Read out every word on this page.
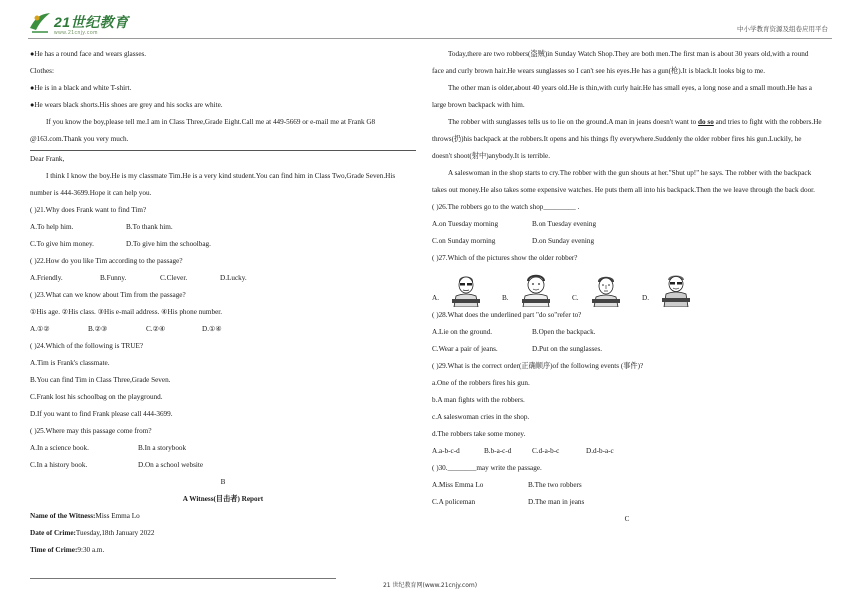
21世纪教育
www.21cnjy.com	中小学教育资源及组卷应用平台

●He has a round face and wears glasses.

Clothes:

●He is in a black and white T-shirt.

●He wears black shorts.His shoes are grey and his socks are white.

If you know the boy,please tell me.I am in Class Three,Grade Eight.Call me at 449-5669 or e-mail me at Frank G8

@163.com.Thank you very much.

Dear Frank,

I think I know the boy.He is my classmate Tim.He is a very kind student.You can find him in Class Two,Grade Seven.His

number is 444-3699.Hope it can help you.

( )21.Why does Frank want to find Tim?

A.To help him.	B.To thank him.
C.To give him money.	D.To give him the schoolbag.

( )22.How do you like Tim according to the passage?

A.Friendly.	B.Funny.	C.Clever.	D.Lucky.

( )23.What can we know about Tim from the passage?

①His age. ②His class. ③His e-mail address. ④His phone number.

A.①②	B.②③	C.②④	D.①④

( )24.Which of the following is TRUE?

A.Tim is Frank's classmate.

B.You can find Tim in Class Three,Grade Seven.

C.Frank lost his schoolbag on the playground.

D.If you want to find Frank please call 444-3699.

( )25.Where may this passage come from?

A.In a science book.	B.In a storybook
C.In a history book.	D.On a school website

B

A Witness(目击者) Report

Name of the Witness:Miss Emma Lo

Date of Crime:Tuesday,18th January 2022

Time of Crime:9:30 a.m.

Today,there are two robbers(盗贼)in Sunday Watch Shop.They are both men.The first man is about 30 years old,with a round face and curly brown hair.He wears sunglasses so I can't see his eyes.He has a gun(枪).It is black.It looks big to me.

The other man is older,about 40 years old.He is thin,with curly hair.He has small eyes, a long nose and a small mouth.He has a large brown backpack with him.

The robber with sunglasses tells us to lie on the ground.A man in jeans doesn't want to do so and tries to fight with the robbers.He throws(扔)his backpack at the robbers.It opens and his things fly everywhere.Suddenly the older robber fires his gun.Luckily, he doesn't shoot(射中)anybody.It is terrible.

A saleswoman in the shop starts to cry.The robber with the gun shouts at her."Shut up!" he says. The robber with the backpack takes out money.He also takes some expensive watches. He puts them all into his backpack.Then the we leave through the back door.

( )26.The robbers go to the watch shop_________ .

A.on Tuesday morning	B.on Tuesday evening
C.on Sunday morning	D.on Sunday evening

( )27.Which of the pictures show the older robber?

A.	B.	C.	D.

( )28.What does the underlined part "do so"refer to?

A.Lie on the ground.	B.Open the backpack.
C.Wear a pair of jeans.	D.Put on the sunglasses.

( )29.What is the correct order(正确顺序)of the following events (事件)?

a.One of the robbers fires his gun.

b.A man fights with the robbers.

c.A saleswoman cries in the shop.

d.The robbers take some money.

A.a-b-c-d	B.b-a-c-d	C.d-a-b-c	D.d-b-a-c

( )30.________may write the passage.

A.Miss Emma Lo	B.The two robbers
C.A policeman	D.The man in jeans

C

21 世纪教育网(www.21cnjy.com)
